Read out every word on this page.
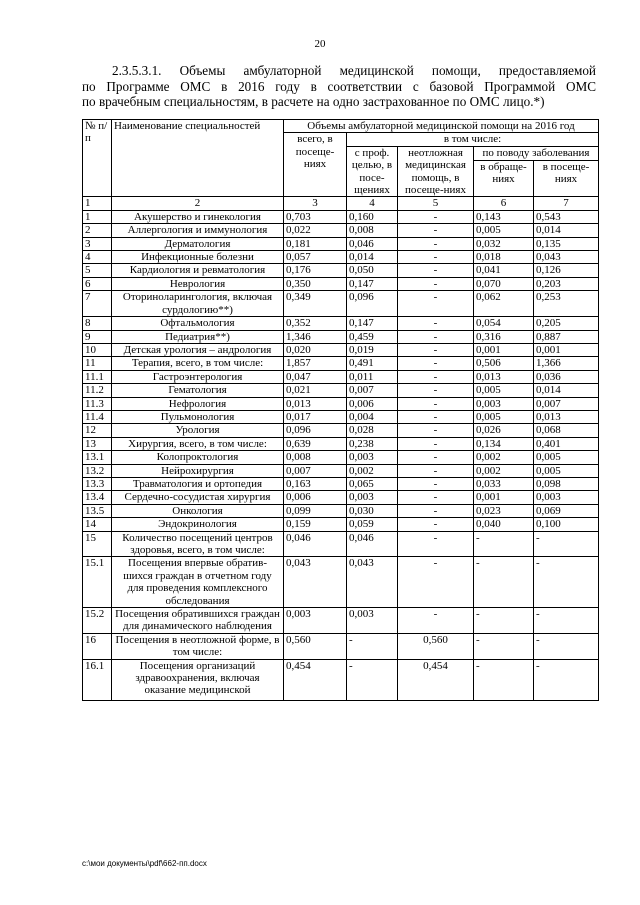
20
2.3.5.3.1. Объемы амбулаторной медицинской помощи, предоставляемой
по Программе ОМС в 2016 году в соответствии с базовой Программой ОМС
по врачебным специальностям, в расчете на одно застрахованное по ОМС лицо.*)
№ п/п	Наименование специальностей	Объемы амбулаторной медицинской помощи на 2016 год				
		всего, в посеще-ниях	в том числе:			
			с проф. целью, в посе-щениях	неотложная медицинская помощь, в посеще-ниях	по поводу заболевания	
					в обраще-ниях	в посеще-ниях
1	2	3	4	5	6	7
1	Акушерство и гинекология	0,703	0,160	-	0,143	0,543
2	Аллергология и иммунология	0,022	0,008	-	0,005	0,014
3	Дерматология	0,181	0,046	-	0,032	0,135
4	Инфекционные болезни	0,057	0,014	-	0,018	0,043
5	Кардиология и ревматология	0,176	0,050	-	0,041	0,126
6	Неврология	0,350	0,147	-	0,070	0,203
7	Оториноларингология, включая сурдологию**)	0,349	0,096	-	0,062	0,253
8	Офтальмология	0,352	0,147	-	0,054	0,205
9	Педиатрия**)	1,346	0,459	-	0,316	0,887
10	Детская урология – андрология	0,020	0,019	-	0,001	0,001
11	Терапия, всего, в том числе:	1,857	0,491	-	0,506	1,366
11.1	Гастроэнтерология	0,047	0,011	-	0,013	0,036
11.2	Гематология	0,021	0,007	-	0,005	0,014
11.3	Нефрология	0,013	0,006	-	0,003	0,007
11.4	Пульмонология	0,017	0,004	-	0,005	0,013
12	Урология	0,096	0,028	-	0,026	0,068
13	Хирургия, всего, в том числе:	0,639	0,238	-	0,134	0,401
13.1	Колопроктология	0,008	0,003	-	0,002	0,005
13.2	Нейрохирургия	0,007	0,002	-	0,002	0,005
13.3	Травматология и ортопедия	0,163	0,065	-	0,033	0,098
13.4	Сердечно-сосудистая хирургия	0,006	0,003	-	0,001	0,003
13.5	Онкология	0,099	0,030	-	0,023	0,069
14	Эндокринология	0,159	0,059	-	0,040	0,100
15	Количество посещений центров здоровья, всего, в том числе:	0,046	0,046	-	-	-
15.1	Посещения впервые обратив-шихся граждан в отчетном году для проведения комплексного обследования	0,043	0,043	-	-	-
15.2	Посещения обратившихся граждан для динамического наблюдения	0,003	0,003	-	-	-
16	Посещения в неотложной форме, в том числе:	0,560	-	0,560	-	-
16.1	Посещения организаций здравоохранения, включая оказание медицинской	0,454	-	0,454	-	-
c:\мои документы\pdf\662-пп.docx
